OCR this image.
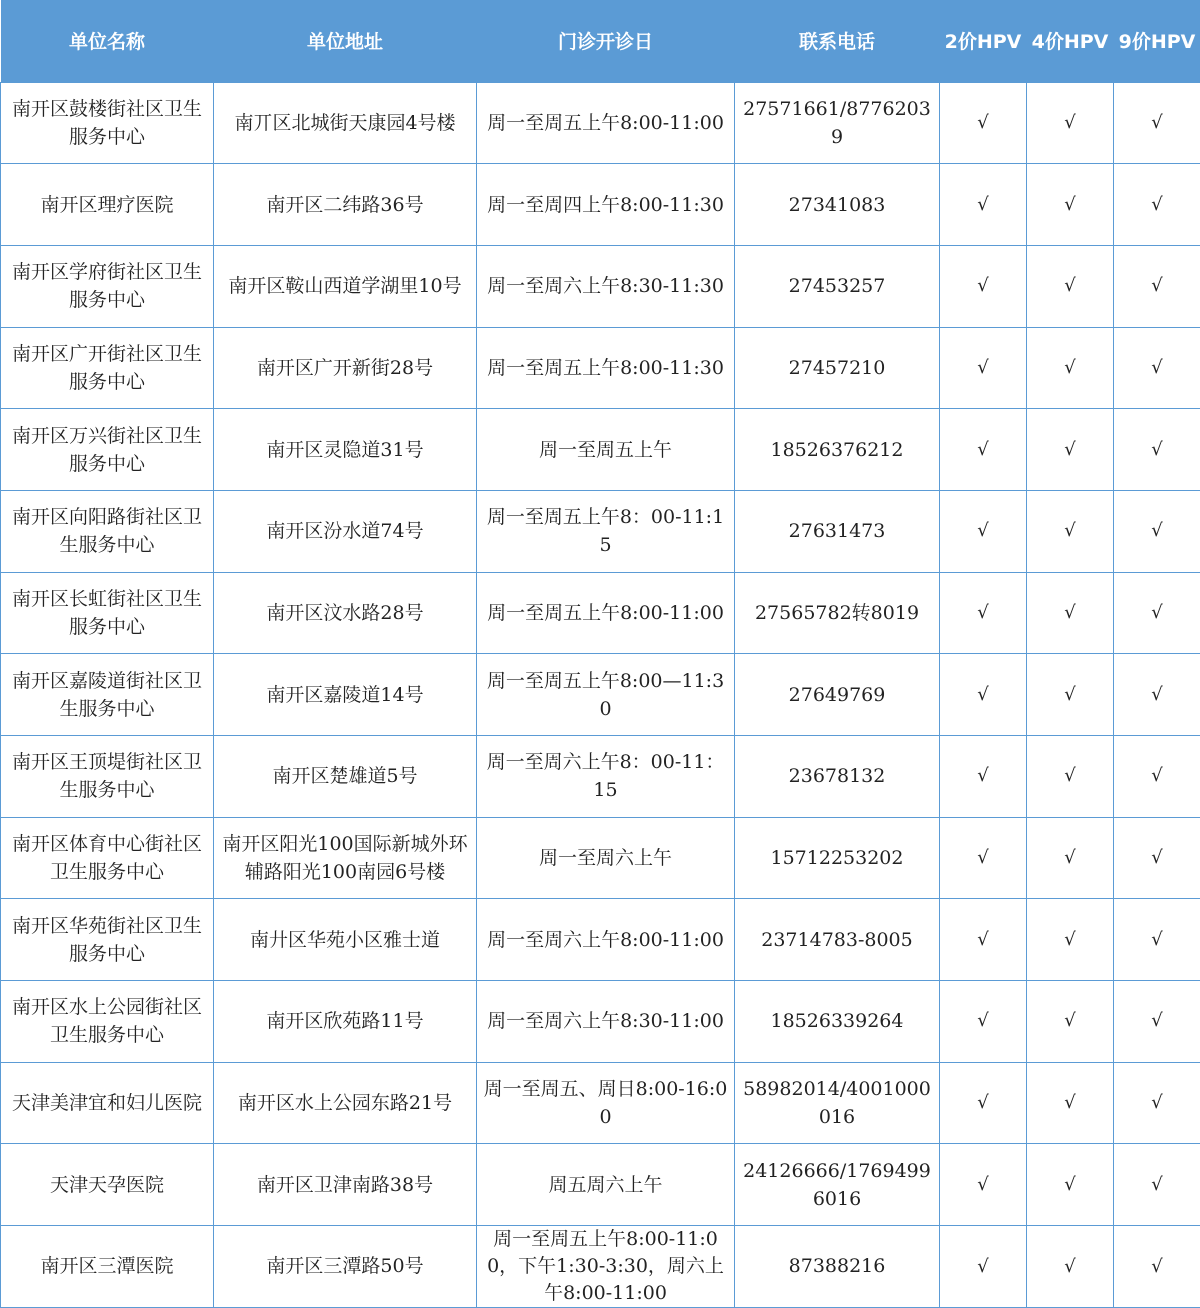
单位名称	单位地址	门诊开诊日	联系电话	2价HPV	4价HPV	9价HPV
南开区鼓楼街社区卫生服务中心	南丌区北城街天康园4号楼	周一至周五上午8:00-11:00	27571661/87762039	√	√	√
南开区理疗医院	南开区二纬路36号	周一至周四上午8:00-11:30	27341083	√	√	√
南开区学府街社区卫生服务中心	南开区鞍山西道学湖里10号	周一至周六上午8:30-11:30	27453257	√	√	√
南开区广开街社区卫生服务中心	南开区广开新街28号	周一至周五上午8:00-11:30	27457210	√	√	√
南开区万兴街社区卫生服务中心	南开区灵隐道31号	周一至周五上午	18526376212	√	√	√
南开区向阳路街社区卫生服务中心	南开区汾水道74号	周一至周五上午8：00-11:15	27631473	√	√	√
南开区长虹街社区卫生服务中心	南开区汶水路28号	周一至周五上午8:00-11:00	27565782转8019	√	√	√
南开区嘉陵道街社区卫生服务中心	南开区嘉陵道14号	周一至周五上午8:00—11:30	27649769	√	√	√
南开区王顶堤街社区卫生服务中心	南开区楚雄道5号	周一至周六上午8：00-11：15	23678132	√	√	√
南开区体育中心街社区卫生服务中心	南开区阳光100国际新城外环辅路阳光100南园6号楼	周一至周六上午	15712253202	√	√	√
南开区华苑街社区卫生服务中心	南廾区华苑小区雅士道	周一至周六上午8:00-11:00	23714783-8005	√	√	√
南开区水上公园街社区卫生服务中心	南开区欣苑路11号	周一至周六上午8:30-11:00	18526339264	√	√	√
天津美津宜和妇儿医院	南开区水上公园东路21号	周一至周五、周日8:00-16:00	58982014/4001000016	√	√	√
天津天孕医院	南开区卫津南路38号	周五周六上午	24126666/17694996016	√	√	√
南开区三潭医院	南开区三潭路50号	周一至周五上午8:00-11:00，下午1:30-3:30，周六上午8:00-11:00	87388216	√	√	√
